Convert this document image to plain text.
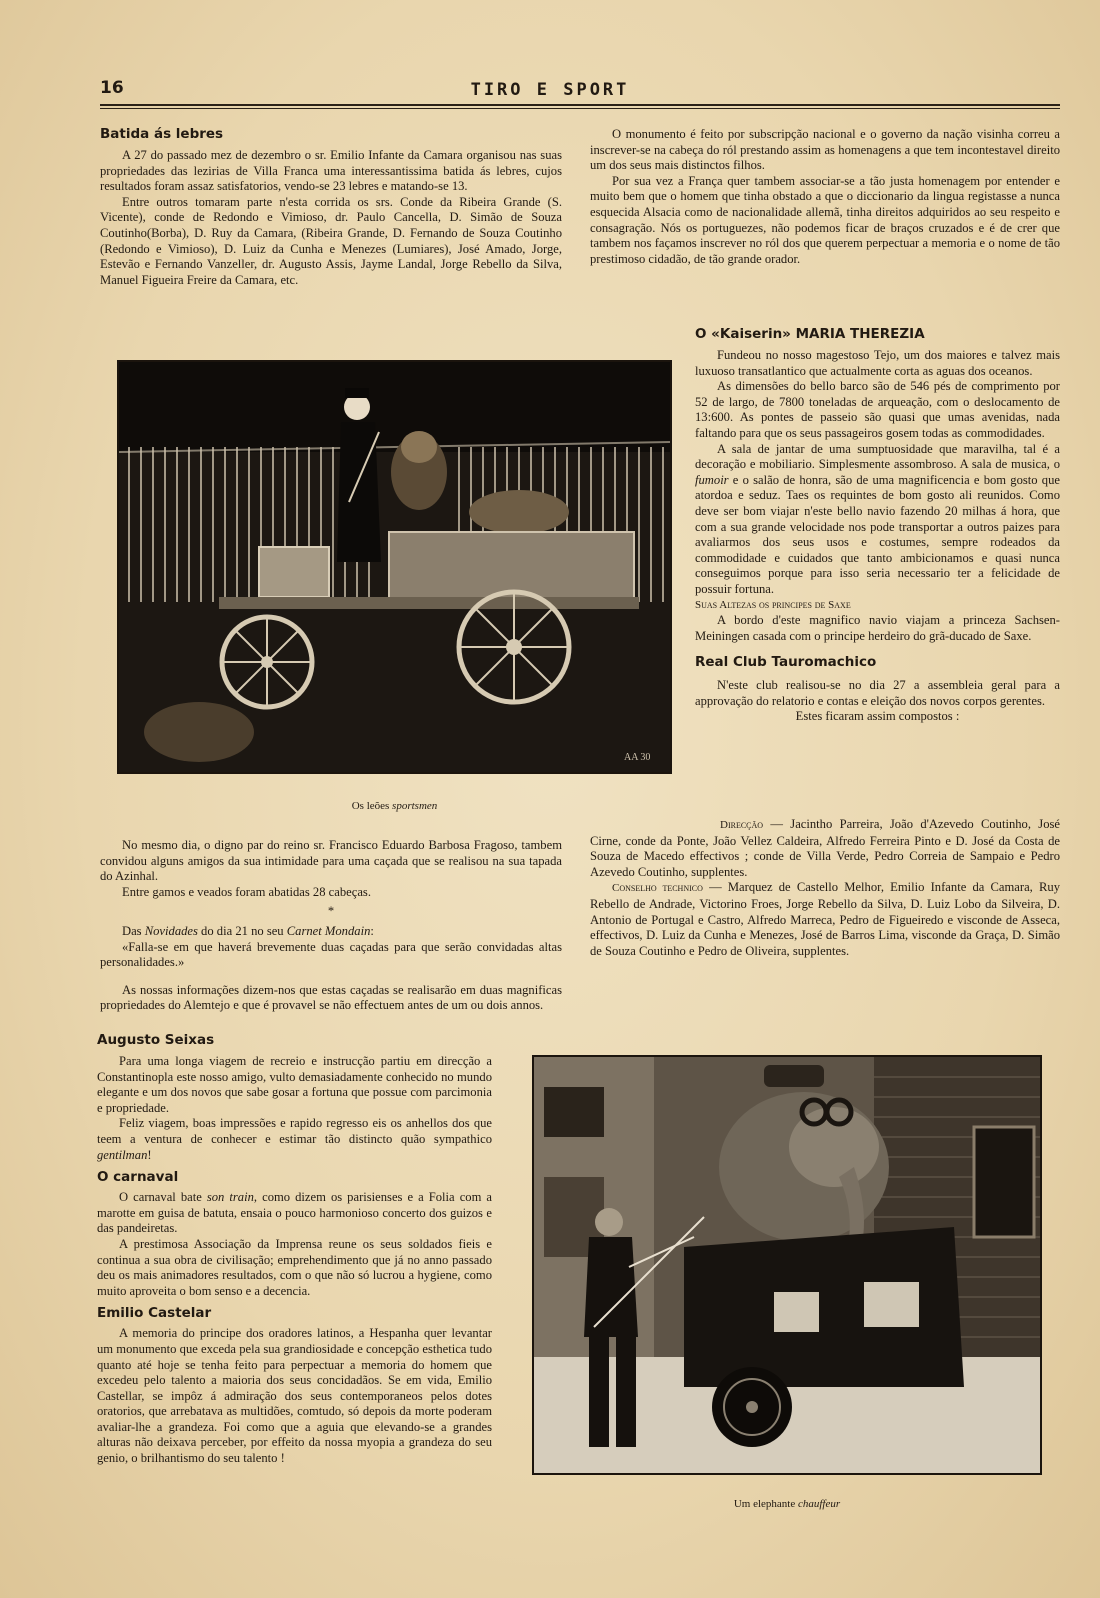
16	TIRO E SPORT

Batida ás lebres

A 27 do passado mez de dezembro o sr. Emilio Infante da Camara organisou nas suas propriedades das lezirias de Villa Franca uma interessantissima batida ás lebres, cujos resultados foram assaz satisfatorios, vendo-se 23 lebres e matando-se 13.

Entre outros tomaram parte n'esta corrida os srs. Conde da Ribeira Grande (S. Vicente), conde de Redondo e Vimioso, dr. Paulo Cancella, D. Simão de Souza Coutinho(Borba), D. Ruy da Camara, (Ribeira Grande, D. Fernando de Souza Coutinho (Redondo e Vimioso), D. Luiz da Cunha e Menezes (Lumiares), José Amado, Jorge, Estevão e Fernando Vanzeller, dr. Augusto Assis, Jayme Landal, Jorge Rebello da Silva, Manuel Figueira Freire da Camara, etc.

O monumento é feito por subscripção nacional e o governo da nação visinha correu a inscrever-se na cabeça do ról prestando assim as homenagens a que tem incontestavel direito um dos seus mais distinctos filhos.

Por sua vez a França quer tambem associar-se a tão justa homenagem por entender e muito bem que o homem que tinha obstado a que o diccionario da lingua registasse a nunca esquecida Alsacia como de nacionalidade allemã, tinha direitos adquiridos ao seu respeito e consagração. Nós os portuguezes, não podemos ficar de braços cruzados e é de crer que tambem nos façamos inscrever no ról dos que querem perpectuar a memoria e o nome de tão prestimoso cidadão, de tão grande orador.

O «Kaiserin» MARIA THEREZIA

Fundeou no nosso magestoso Tejo, um dos maiores e talvez mais luxuoso transatlantico que actualmente corta as aguas dos oceanos.

As dimensões do bello barco são de 546 pés de comprimento por 52 de largo, de 7800 toneladas de arqueação, com o deslocamento de 13:600. As pontes de passeio são quasi que umas avenidas, nada faltando para que os seus passageiros gosem todas as commodidades.

A sala de jantar de uma sumptuosidade que maravilha, tal é a decoração e mobiliario. Simplesmente assombroso. A sala de musica, o fumoir e o salão de honra, são de uma magnificencia e bom gosto que atordoa e seduz. Taes os requintes de bom gosto ali reunidos. Como deve ser bom viajar n'este bello navio fazendo 20 milhas á hora, que com a sua grande velocidade nos pode transportar a outros paizes para avaliarmos dos seus usos e costumes, sempre rodeados da commodidade e cuidados que tanto ambicionamos e quasi nunca conseguimos porque para isso seria necessario ter a felicidade de possuir fortuna.

Suas Altezas os principes de Saxe

A bordo d'este magnifico navio viajam a princeza Sachsen-Meiningen casada com o principe herdeiro do grã-ducado de Saxe.

Real Club Tauromachico

N'este club realisou-se no dia 27 a assembleia geral para a approvação do relatorio e contas e eleição dos novos corpos gerentes.

Estes ficaram assim compostos :

Direcção — Jacintho Parreira, João d'Azevedo Coutinho, José Cirne, conde da Ponte, João Vellez Caldeira, Alfredo Ferreira Pinto e D. José da Costa de Souza de Macedo effectivos ; conde de Villa Verde, Pedro Correia de Sampaio e Pedro Azevedo Coutinho, supplentes.

Conselho technico — Marquez de Castello Melhor, Emilio Infante da Camara, Ruy Rebello de Andrade, Victorino Froes, Jorge Rebello da Silva, D. Luiz Lobo da Silveira, D. Antonio de Portugal e Castro, Alfredo Marreca, Pedro de Figueiredo e visconde de Asseca, effectivos, D. Luiz da Cunha e Menezes, José de Barros Lima, visconde da Graça, D. Simão de Souza Coutinho e Pedro de Oliveira, supplentes.

AA 30
Os leões sportsmen

No mesmo dia, o digno par do reino sr. Francisco Eduardo Barbosa Fragoso, tambem convidou alguns amigos da sua intimidade para uma caçada que se realisou na sua tapada do Azinhal.

Entre gamos e veados foram abatidas 28 cabeças.

*

Das Novidades do dia 21 no seu Carnet Mondain:

«Falla-se em que haverá brevemente duas caçadas para que serão convidadas altas personalidades.»

As nossas informações dizem-nos que estas caçadas se realisarão em duas magnificas propriedades do Alemtejo e que é provavel se não effectuem antes de um ou dois annos.

Augusto Seixas

Para uma longa viagem de recreio e instrucção partiu em direcção a Constantinopla este nosso amigo, vulto demasiadamente conhecido no mundo elegante e um dos novos que sabe gosar a fortuna que possue com parcimonia e propriedade.

Feliz viagem, boas impressões e rapido regresso eis os anhellos dos que teem a ventura de conhecer e estimar tão distincto quão sympathico gentilman!

O carnaval

O carnaval bate son train, como dizem os parisienses e a Folia com a marotte em guisa de batuta, ensaia o pouco harmonioso concerto dos guizos e das pandeiretas.

A prestimosa Associação da Imprensa reune os seus soldados fieis e continua a sua obra de civilisação; emprehendimento que já no anno passado deu os mais animadores resultados, com o que não só lucrou a hygiene, como muito aproveita o bom senso e a decencia.

Emilio Castelar

A memoria do principe dos oradores latinos, a Hespanha quer levantar um monumento que exceda pela sua grandiosidade e concepção esthetica tudo quanto até hoje se tenha feito para perpectuar a memoria do homem que excedeu pelo talento a maioria dos seus concidadãos. Se em vida, Emilio Castellar, se impôz á admiração dos seus contemporaneos pelos dotes oratorios, que arrebatava as multidões, comtudo, só depois da morte poderam avaliar-lhe a grandeza. Foi como que a aguia que elevando-se a grandes alturas não deixava perceber, por effeito da nossa myopia a grandeza do seu genio, o brilhantismo do seu talento !

Um elephante chauffeur
